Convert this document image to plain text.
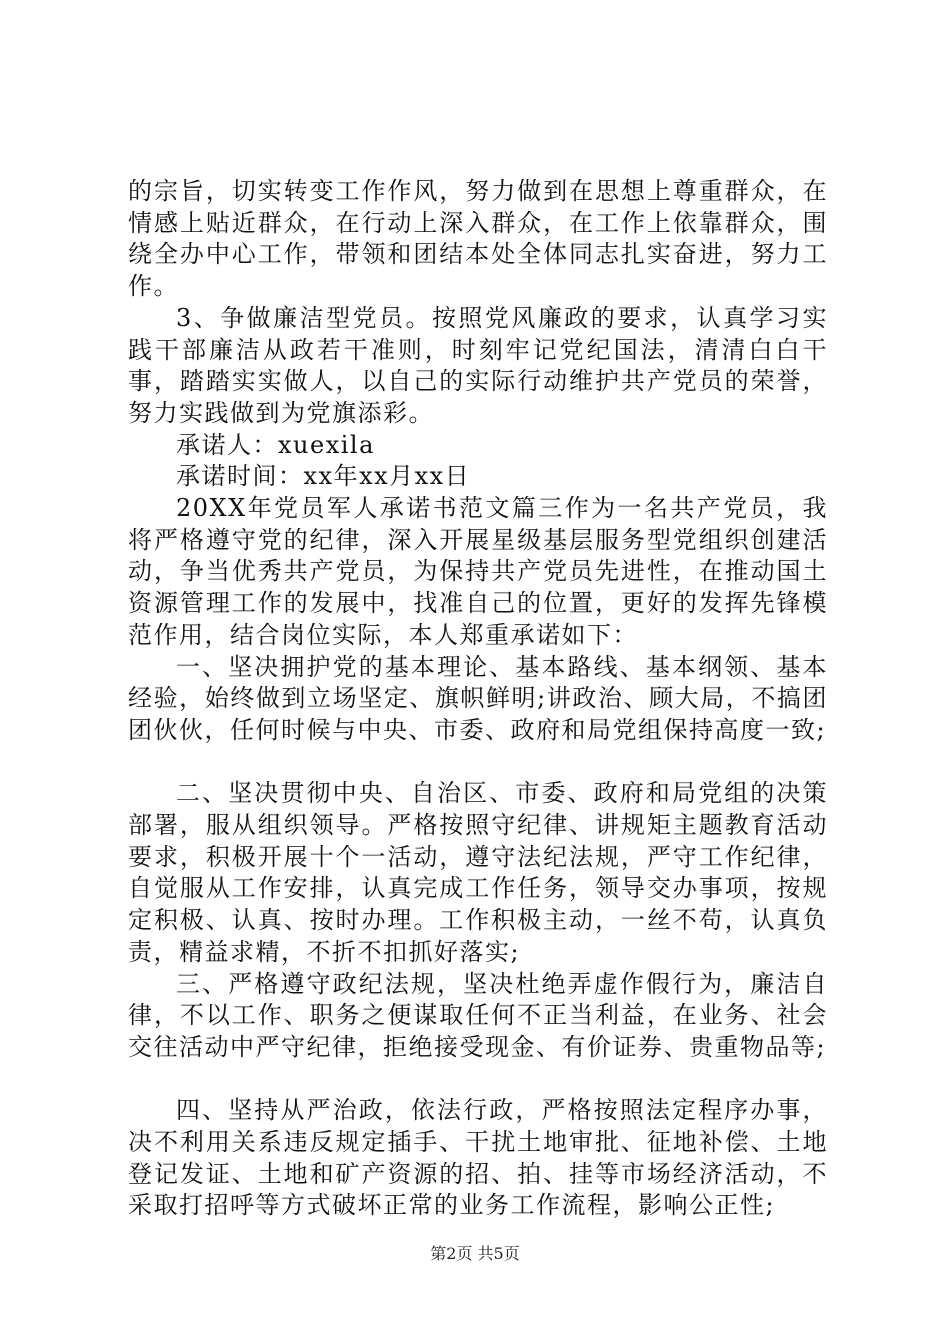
的宗旨，切实转变工作作风，努力做到在思想上尊重群众，在情感上贴近群众，在行动上深入群众，在工作上依靠群众，围绕全办中心工作，带领和团结本处全体同志扎实奋进，努力工作。

3、争做廉洁型党员。按照党风廉政的要求，认真学习实践干部廉洁从政若干准则，时刻牢记党纪国法，清清白白干事，踏踏实实做人，以自己的实际行动维护共产党员的荣誉，努力实践做到为党旗添彩。

承诺人：xuexila

承诺时间：xx年xx月xx日

20XX年党员军人承诺书范文篇三作为一名共产党员，我将严格遵守党的纪律，深入开展星级基层服务型党组织创建活动，争当优秀共产党员，为保持共产党员先进性，在推动国土资源管理工作的发展中，找准自己的位置，更好的发挥先锋模范作用，结合岗位实际，本人郑重承诺如下：

一、坚决拥护党的基本理论、基本路线、基本纲领、基本经验，始终做到立场坚定、旗帜鲜明;讲政治、顾大局，不搞团团伙伙，任何时候与中央、市委、政府和局党组保持高度一致;

二、坚决贯彻中央、自治区、市委、政府和局党组的决策部署，服从组织领导。严格按照守纪律、讲规矩主题教育活动要求，积极开展十个一活动，遵守法纪法规，严守工作纪律，自觉服从工作安排，认真完成工作任务，领导交办事项，按规定积极、认真、按时办理。工作积极主动，一丝不苟，认真负责，精益求精，不折不扣抓好落实;

三、严格遵守政纪法规，坚决杜绝弄虚作假行为，廉洁自律，不以工作、职务之便谋取任何不正当利益，在业务、社会交往活动中严守纪律，拒绝接受现金、有价证券、贵重物品等;

四、坚持从严治政，依法行政，严格按照法定程序办事，决不利用关系违反规定插手、干扰土地审批、征地补偿、土地登记发证、土地和矿产资源的招、拍、挂等市场经济活动，不采取打招呼等方式破坏正常的业务工作流程，影响公正性;

第2页 共5页
